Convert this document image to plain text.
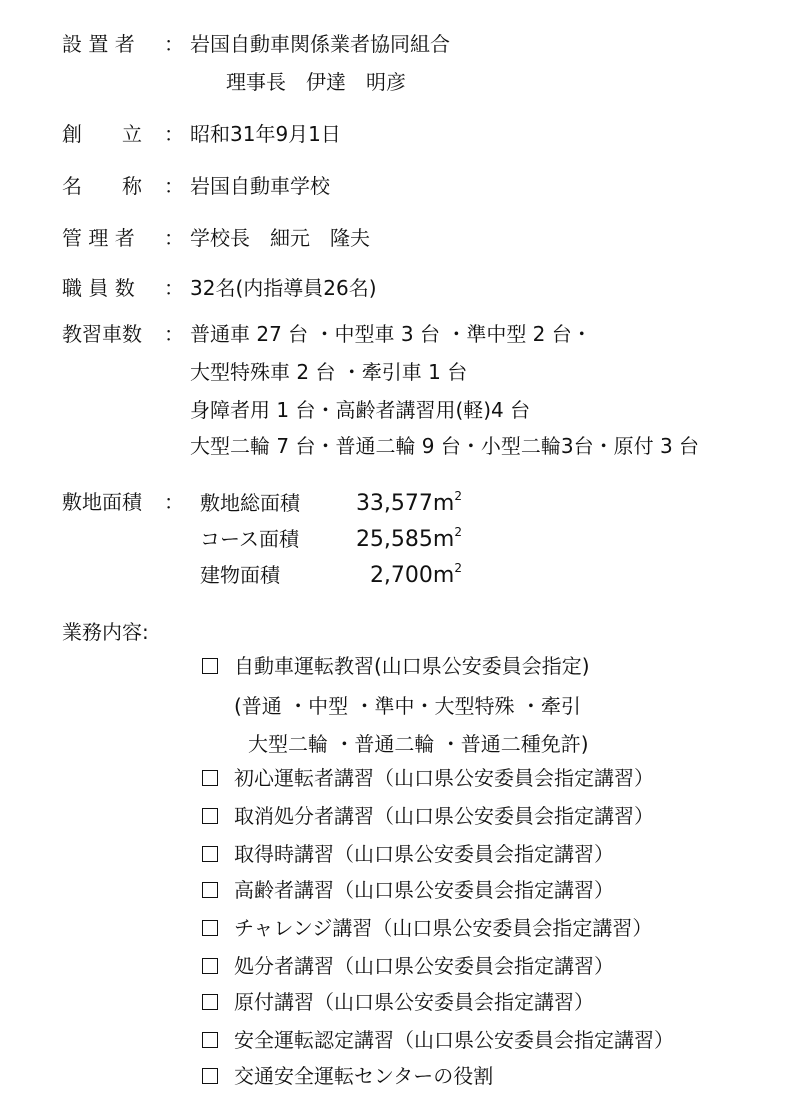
設 置 者 ： 岩国自動車関係業者協同組合
理事長　伊達　明彦
創　　立 ： 昭和31年9月1日
名　　称 ： 岩国自動車学校
管 理 者 ： 学校長　細元　隆夫
職 員 数 ： 32名(内指導員26名)
教習車数 ： 普通車 27 台 ・中型車 3 台 ・準中型 2 台・
大型特殊車 2 台 ・牽引車 1 台
身障者用 1 台・高齢者講習用(軽)4 台
大型二輪 7 台・普通二輪 9 台・小型二輪3台・原付 3 台
敷地面積 ： 敷地総面積	$33,577m^2$
コース面積	$25,585m^2$
建物面積	$2,700m^2$
業務内容:
自動車運転教習(山口県公安委員会指定)
(普通 ・中型 ・準中・大型特殊 ・牽引
大型二輪 ・普通二輪 ・普通二種免許)
初心運転者講習（山口県公安委員会指定講習）
取消処分者講習（山口県公安委員会指定講習）
取得時講習（山口県公安委員会指定講習）
高齢者講習（山口県公安委員会指定講習）
チャレンジ講習（山口県公安委員会指定講習）
処分者講習（山口県公安委員会指定講習）
原付講習（山口県公安委員会指定講習）
安全運転認定講習（山口県公安委員会指定講習）
交通安全運転センターの役割
